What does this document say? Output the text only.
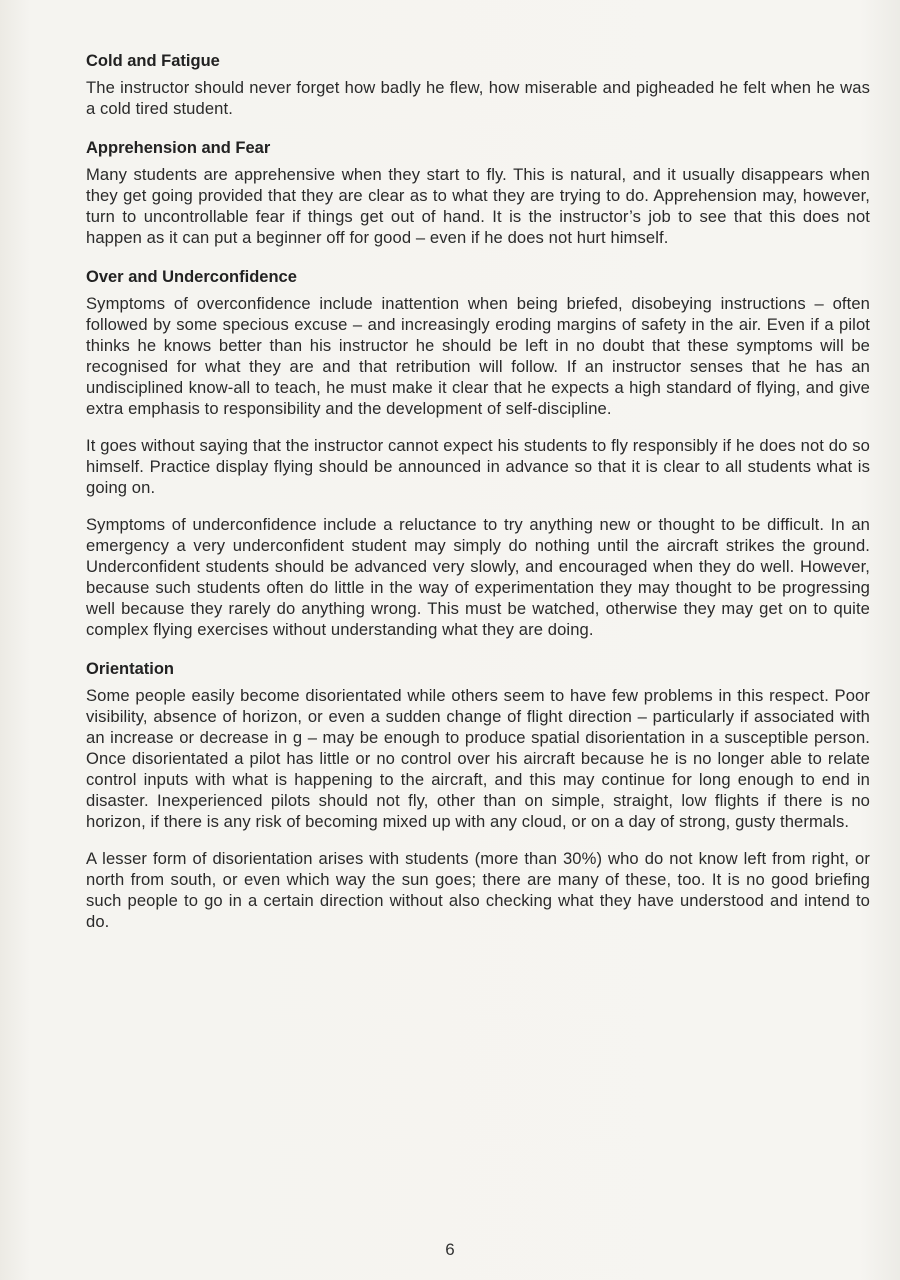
Cold and Fatigue

The instructor should never forget how badly he flew, how miserable and pigheaded he felt when he was a cold tired student.

Apprehension and Fear

Many students are apprehensive when they start to fly. This is natural, and it usually disappears when they get going provided that they are clear as to what they are trying to do. Apprehension may, however, turn to uncontrollable fear if things get out of hand. It is the instructor’s job to see that this does not happen as it can put a beginner off for good – even if he does not hurt himself.

Over and Underconfidence

Symptoms of overconfidence include inattention when being briefed, disobeying instructions – often followed by some specious excuse – and increasingly eroding margins of safety in the air. Even if a pilot thinks he knows better than his instructor he should be left in no doubt that these symptoms will be recognised for what they are and that retribution will follow. If an instructor senses that he has an undisciplined know-all to teach, he must make it clear that he expects a high standard of flying, and give extra emphasis to responsibility and the development of self-discipline.

It goes without saying that the instructor cannot expect his students to fly responsibly if he does not do so himself. Practice display flying should be announced in advance so that it is clear to all students what is going on.

Symptoms of underconfidence include a reluctance to try anything new or thought to be difficult. In an emergency a very underconfident student may simply do nothing until the aircraft strikes the ground. Underconfident students should be advanced very slowly, and encouraged when they do well. However, because such students often do little in the way of experimentation they may thought to be progressing well because they rarely do anything wrong. This must be watched, otherwise they may get on to quite complex flying exercises without understanding what they are doing.

Orientation

Some people easily become disorientated while others seem to have few problems in this respect. Poor visibility, absence of horizon, or even a sudden change of flight direction – particularly if associated with an increase or decrease in g – may be enough to produce spatial disorientation in a susceptible person. Once disorientated a pilot has little or no control over his aircraft because he is no longer able to relate control inputs with what is happening to the aircraft, and this may continue for long enough to end in disaster. Inexperienced pilots should not fly, other than on simple, straight, low flights if there is no horizon, if there is any risk of becoming mixed up with any cloud, or on a day of strong, gusty thermals.

A lesser form of disorientation arises with students (more than 30%) who do not know left from right, or north from south, or even which way the sun goes; there are many of these, too. It is no good briefing such people to go in a certain direction without also checking what they have understood and intend to do.

6
